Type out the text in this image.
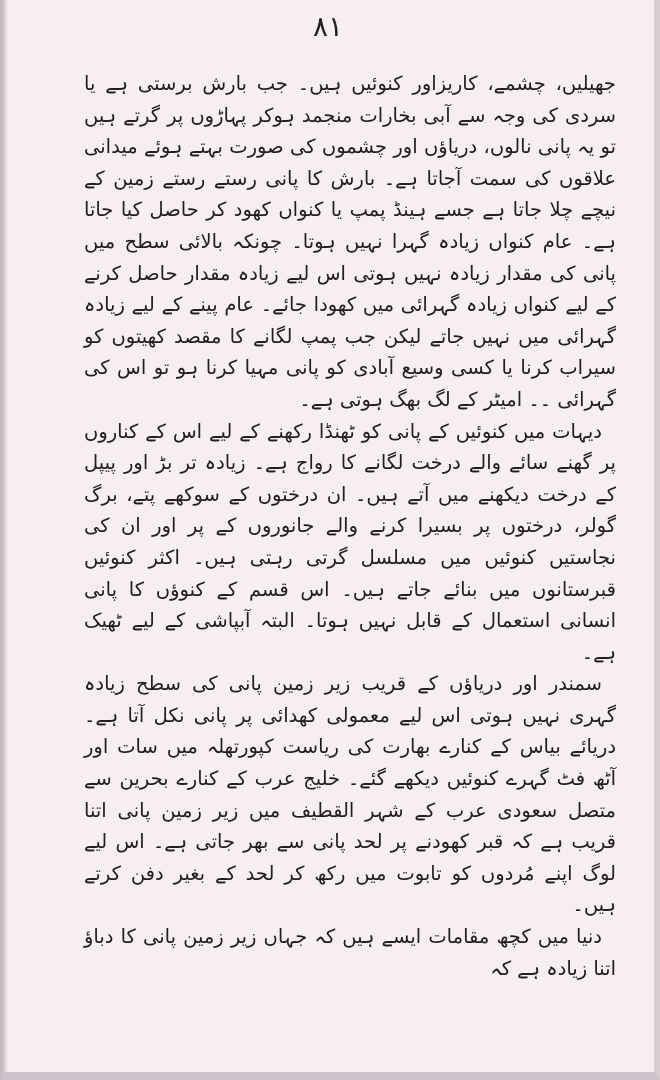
۸۱

جھیلیں، چشمے، کاریزاور کنوئیں ہیں۔ جب بارش برستی ہے یا سردی کی وجہ سے آبی بخارات منجمد ہوکر پہاڑوں پر گرتے ہیں تو یہ پانی نالوں، دریاؤں اور چشموں کی صورت بہتے ہوئے میدانی علاقوں کی سمت آجاتا ہے۔ بارش کا پانی رستے رستے زمین کے نیچے چلا جاتا ہے جسے ہینڈ پمپ یا کنواں کھود کر حاصل کیا جاتا ہے۔ عام کنواں زیادہ گہرا نہیں ہوتا۔ چونکہ بالائی سطح میں پانی کی مقدار زیادہ نہیں ہوتی اس لیے زیادہ مقدار حاصل کرنے کے لیے کنواں زیادہ گہرائی میں کھودا جائے۔ عام پینے کے لیے زیادہ گہرائی میں نہیں جاتے لیکن جب پمپ لگانے کا مقصد کھیتوں کو سیراب کرنا یا کسی وسیع آبادی کو پانی مہیا کرنا ہو تو اس کی گہرائی ۔۔ امیٹر کے لگ بھگ ہوتی ہے۔

دیہات میں کنوئیں کے پانی کو ٹھنڈا رکھنے کے لیے اس کے کناروں پر گھنے سائے والے درخت لگانے کا رواج ہے۔ زیادہ تر بڑ اور پیپل کے درخت دیکھنے میں آتے ہیں۔ ان درختوں کے سوکھے پتے، برگ گولر، درختوں پر بسیرا کرنے والے جانوروں کے پر اور ان کی نجاستیں کنوئیں میں مسلسل گرتی رہتی ہیں۔ اکثر کنوئیں قبرستانوں میں بنائے جاتے ہیں۔ اس قسم کے کنوؤں کا پانی انسانی استعمال کے قابل نہیں ہوتا۔ البتہ آبپاشی کے لیے ٹھیک ہے۔

سمندر اور دریاؤں کے قریب زیر زمین پانی کی سطح زیادہ گہری نہیں ہوتی اس لیے معمولی کھدائی پر پانی نکل آتا ہے۔ دریائے بیاس کے کنارے بھارت کی ریاست کپورتھلہ میں سات اور آٹھ فٹ گہرے کنوئیں دیکھے گئے۔ خلیج عرب کے کنارے بحرین سے متصل سعودی عرب کے شہر القطیف میں زیر زمین پانی اتنا قریب ہے کہ قبر کھودنے پر لحد پانی سے بھر جاتی ہے۔ اس لیے لوگ اپنے مُردوں کو تابوت میں رکھ کر لحد کے بغیر دفن کرتے ہیں۔

دنیا میں کچھ مقامات ایسے ہیں کہ جہاں زیر زمین پانی کا دباؤ اتنا زیادہ ہے کہ
